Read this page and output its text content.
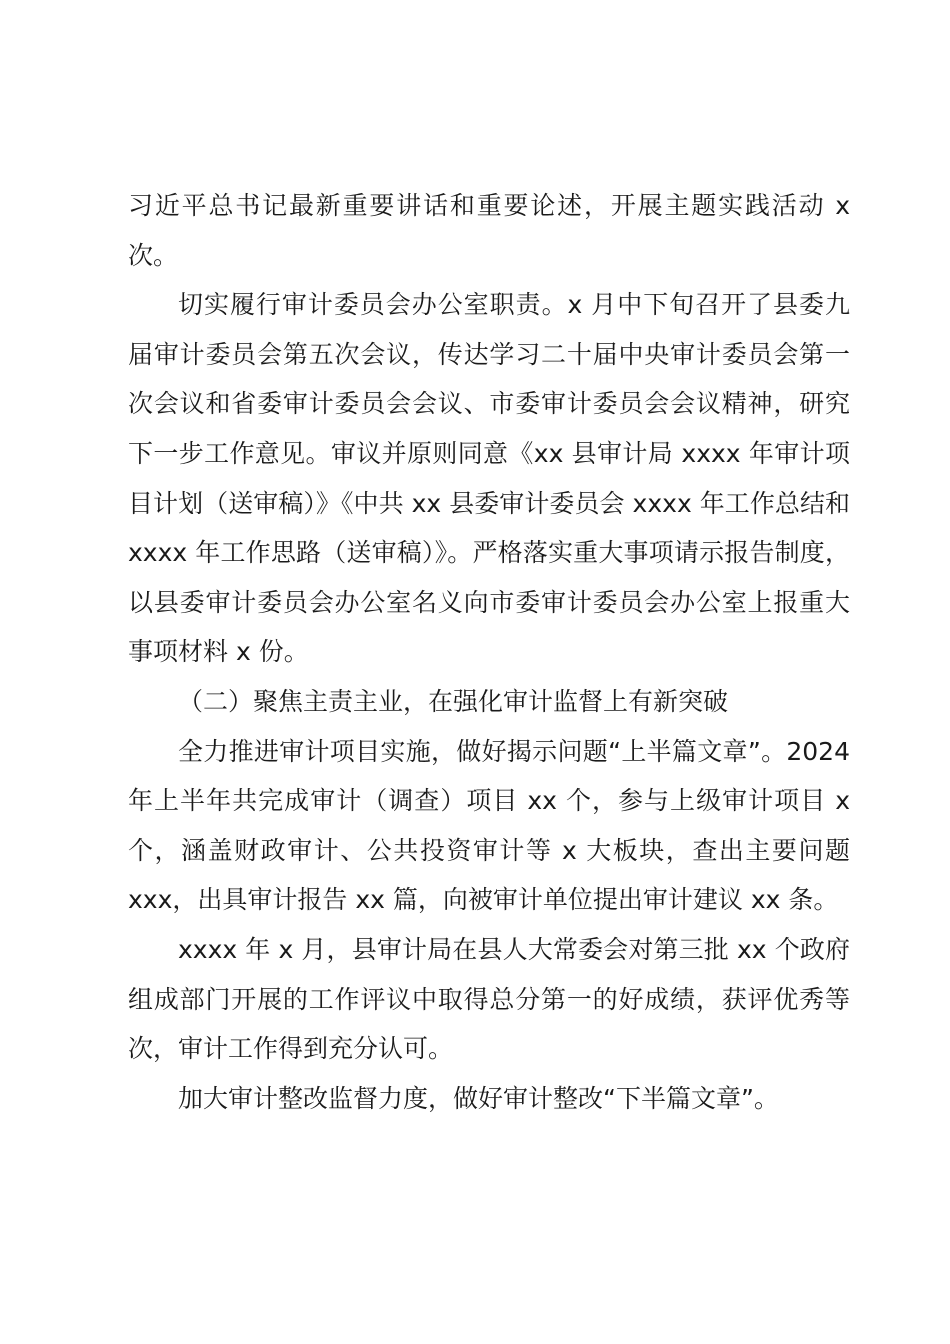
习近平总书记最新重要讲话和重要论述，开展主题实践活动 x 次。

切实履行审计委员会办公室职责。x 月中下旬召开了县委九届审计委员会第五次会议，传达学习二十届中央审计委员会第一次会议和省委审计委员会会议、市委审计委员会会议精神，研究下一步工作意见。审议并原则同意《xx 县审计局 xxxx 年审计项目计划（送审稿）》《中共 xx 县委审计委员会 xxxx 年工作总结和 xxxx 年工作思路（送审稿）》。严格落实重大事项请示报告制度，以县委审计委员会办公室名义向市委审计委员会办公室上报重大事项材料 x 份。

（二）聚焦主责主业，在强化审计监督上有新突破

全力推进审计项目实施，做好揭示问题“上半篇文章”。2024 年上半年共完成审计（调查）项目 xx 个，参与上级审计项目 x 个，涵盖财政审计、公共投资审计等 x 大板块，查出主要问题 xxx，出具审计报告 xx 篇，向被审计单位提出审计建议 xx 条。

xxxx 年 x 月，县审计局在县人大常委会对第三批 xx 个政府组成部门开展的工作评议中取得总分第一的好成绩，获评优秀等次，审计工作得到充分认可。

加大审计整改监督力度，做好审计整改“下半篇文章”。
